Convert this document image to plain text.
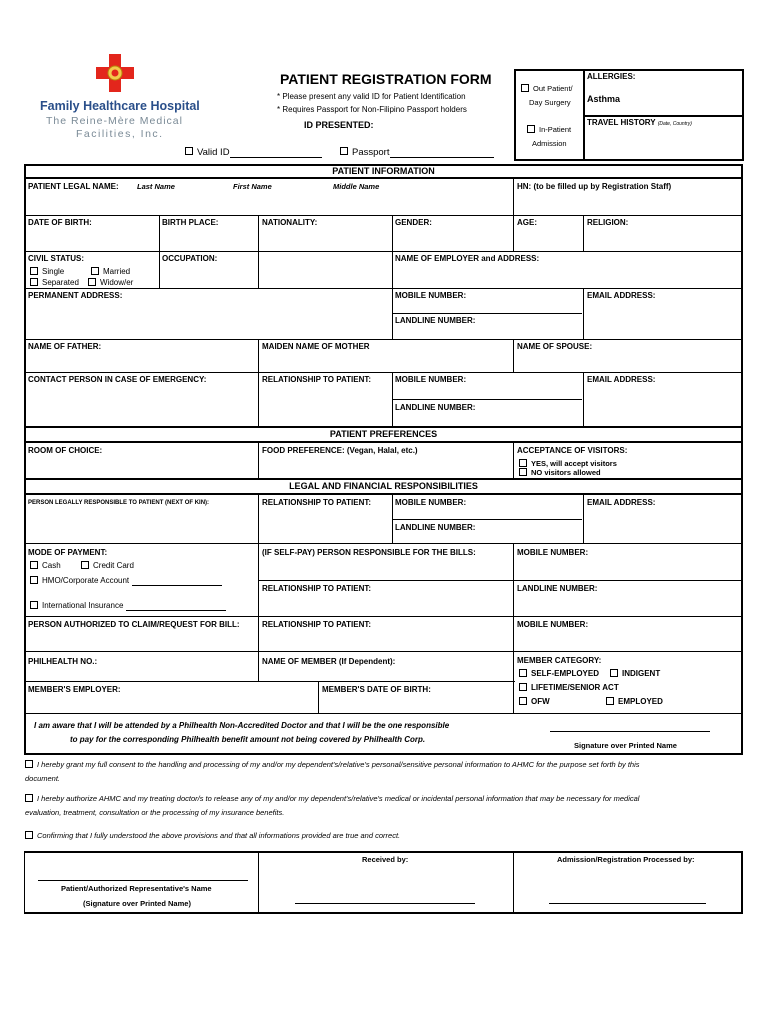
Family Healthcare Hospital
The Reine-Mère Medical
Facilities, Inc.
PATIENT REGISTRATION FORM
* Please present any valid ID for Patient Identification
* Requires Passport for Non-Filipino Passport holders
ID PRESENTED:
Valid ID	Passport
Out Patient/
Day Surgery
In-Patient
Admission
ALLERGIES:
Asthma
TRAVEL HISTORY (Date, Country)
PATIENT INFORMATION
PATIENT PREFERENCES
LEGAL AND FINANCIAL RESPONSIBILITIES
PATIENT LEGAL NAME: Last Name	First Name	Middle Name	HN: (to be filled up by Registration Staff)
DATE OF BIRTH:	BIRTH PLACE:	NATIONALITY:	GENDER:	AGE:	RELIGION:
CIVIL STATUS:
Single	Married
Separated	Widow/er
OCCUPATION:	NAME OF EMPLOYER and ADDRESS:
PERMANENT ADDRESS:	MOBILE NUMBER:	EMAIL ADDRESS:
LANDLINE NUMBER:
NAME OF FATHER:	MAIDEN NAME OF MOTHER	NAME OF SPOUSE:
CONTACT PERSON IN CASE OF EMERGENCY:	RELATIONSHIP TO PATIENT:	MOBILE NUMBER:	EMAIL ADDRESS:
LANDLINE NUMBER:
ROOM OF CHOICE:	FOOD PREFERENCE: (Vegan, Halal, etc.)	ACCEPTANCE OF VISITORS:
YES, will accept visitors
NO visitors allowed
PERSON LEGALLY RESPONSIBLE TO PATIENT (NEXT OF KIN):	RELATIONSHIP TO PATIENT:	MOBILE NUMBER:	EMAIL ADDRESS:
LANDLINE NUMBER:
MODE OF PAYMENT:
Cash	Credit Card
HMO/Corporate Account
International Insurance
(IF SELF-PAY) PERSON RESPONSIBLE FOR THE BILLS:	MOBILE NUMBER:
RELATIONSHIP TO PATIENT:	LANDLINE NUMBER:
PERSON AUTHORIZED TO CLAIM/REQUEST FOR BILL:	RELATIONSHIP TO PATIENT:	MOBILE NUMBER:
PHILHEALTH NO.:	NAME OF MEMBER (If Dependent):	MEMBER CATEGORY:
SELF-EMPLOYED	INDIGENT
LIFETIME/SENIOR ACT
OFW	EMPLOYED
MEMBER'S EMPLOYER:	MEMBER'S DATE OF BIRTH:
I am aware that I will be attended by a Philhealth Non-Accredited Doctor and that I will be the one responsible
to pay for the corresponding Philhealth benefit amount not being covered by Philhealth Corp.
Signature over Printed Name
I hereby grant my full consent to the handling and processing of my and/or my dependent's/relative's personal/sensitive personal information to AHMC for the purpose set forth by this
document.
I hereby authorize AHMC and my treating doctor/s to release any of my and/or my dependent's/relative's medical or incidental personal information that may be necessary for medical
evaluation, treatment, consultation or the processing of my insurance benefits.
Confirming that I fully understood the above provisions and that all informations provided are true and correct.
Patient/Authorized Representative's Name
(Signature over Printed Name)
Received by:	Admission/Registration Processed by:
